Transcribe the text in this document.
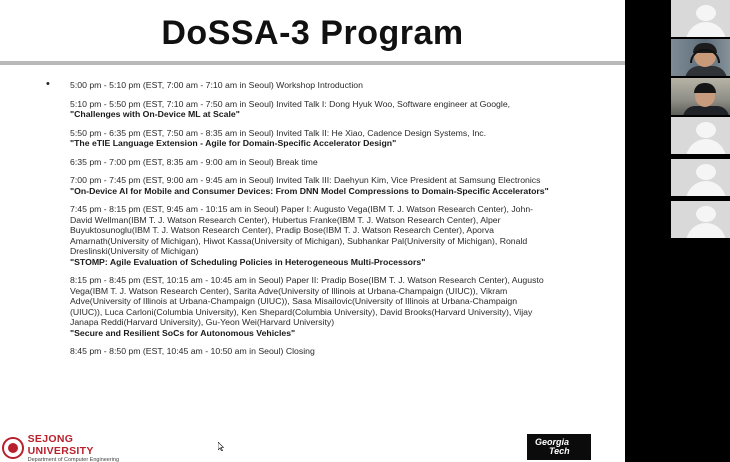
DoSSA-3 Program
• 5:00 pm - 5:10 pm (EST, 7:00 am - 7:10 am in Seoul) Workshop Introduction
5:10 pm - 5:50 pm (EST, 7:10 am - 7:50 am in Seoul) Invited Talk I: Dong Hyuk Woo, Software engineer at Google,
"Challenges with On-Device ML at Scale"
5:50 pm - 6:35 pm (EST, 7:50 am - 8:35 am in Seoul) Invited Talk II: He Xiao, Cadence Design Systems, Inc.
"The eTIE Language Extension - Agile for Domain-Specific Accelerator Design"
6:35 pm - 7:00 pm (EST, 8:35 am - 9:00 am in Seoul) Break time
7:00 pm - 7:45 pm (EST, 9:00 am - 9:45 am in Seoul) Invited Talk III: Daehyun Kim, Vice President at Samsung Electronics
"On-Device AI for Mobile and Consumer Devices: From DNN Model Compressions to Domain-Specific Accelerators"
7:45 pm - 8:15 pm (EST, 9:45 am - 10:15 am in Seoul) Paper I: Augusto Vega(IBM T. J. Watson Research Center), John-David Wellman(IBM T. J. Watson Research Center), Hubertus Franke(IBM T. J. Watson Research Center), Alper Buyuktosunoglu(IBM T. J. Watson Research Center), Pradip Bose(IBM T. J. Watson Research Center), Aporva Amarnath(University of Michigan), Hiwot Kassa(University of Michigan), Subhankar Pal(University of Michigan), Ronald Dreslinski(University of Michigan)
"STOMP: Agile Evaluation of Scheduling Policies in Heterogeneous Multi-Processors"
8:15 pm - 8:45 pm (EST, 10:15 am - 10:45 am in Seoul) Paper II: Pradip Bose(IBM T. J. Watson Research Center), Augusto Vega(IBM T. J. Watson Research Center), Sarita Adve(University of Illinois at Urbana-Champaign (UIUC)), Vikram Adve(University of Illinois at Urbana-Champaign (UIUC)), Sasa Misailovic(University of Illinois at Urbana-Champaign (UIUC)), Luca Carloni(Columbia University), Ken Shepard(Columbia University), David Brooks(Harvard University), Vijay Janapa Reddi(Harvard University), Gu-Yeon Wei(Harvard University)
"Secure and Resilient SoCs for Autonomous Vehicles"
8:45 pm - 8:50 pm (EST, 10:45 am - 10:50 am in Seoul) Closing
SEJONG UNIVERSITY
Department of Computer Engineering
Georgia
Tech
